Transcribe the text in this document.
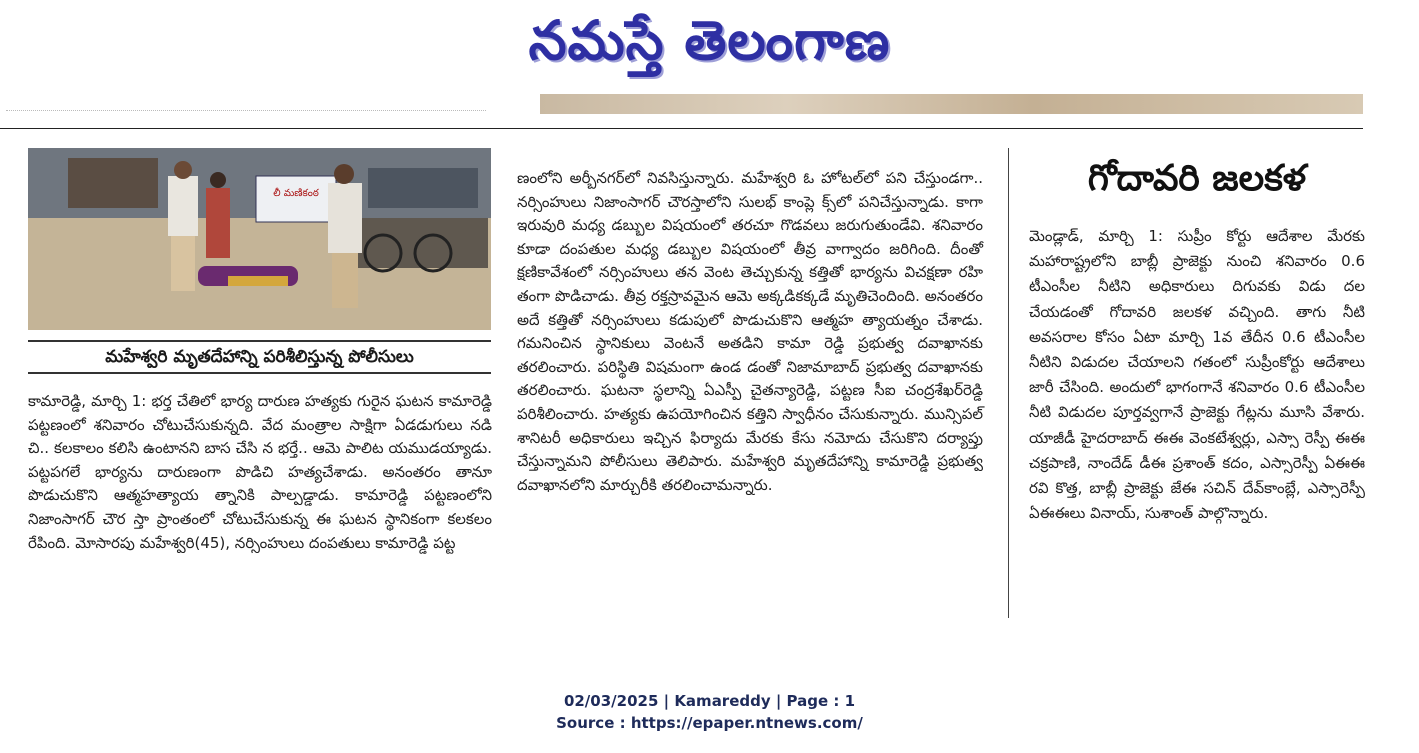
నమస్తే తెలంగాణ
లీ మణికంఠ
మహేశ్వరి మృతదేహాన్ని పరిశీలిస్తున్న పోలీసులు

కామారెడ్డి, మార్చి 1: భర్త చేతిలో భార్య దారుణ హత్యకు గురైన ఘటన కామారెడ్డి పట్టణంలో శనివారం చోటుచేసుకున్నది. వేద మంత్రాల సాక్షిగా ఏడడుగులు నడి చి.. కలకాలం కలిసి ఉంటానని బాస చేసి న భర్తే.. ఆమె పాలిట యముడయ్యాడు. పట్టపగలే భార్యను దారుణంగా పొడిచి హత్యచేశాడు. అనంతరం తానూ పొడుచుకొని ఆత్మహత్యాయ త్నానికి పాల్పడ్డాడు. కామారెడ్డి పట్టణంలోని నిజాంసాగర్ చౌర స్తా ప్రాంతంలో చోటుచేసుకున్న ఈ ఘటన స్థానికంగా కలకలం రేపింది. మోసారపు మహేశ్వరి(45), నర్సింహులు దంపతులు కామారెడ్డి పట్ట

ణంలోని అర్బీనగర్‌లో నివసిస్తున్నారు. మహేశ్వరి ఓ హోటల్‌లో పని చేస్తుండగా.. నర్సింహులు నిజాంసాగర్ చౌరస్తాలోని సులభ్ కాంప్లె క్స్‌లో పనిచేస్తున్నాడు. కాగా ఇరువురి మధ్య డబ్బుల విషయంలో తరచూ గొడవలు జరుగుతుండేవి. శనివారం కూడా దంపతుల మధ్య డబ్బుల విషయంలో తీవ్ర వాగ్వాదం జరిగింది. దీంతో క్షణికావేశంలో నర్సింహులు తన వెంట తెచ్చుకున్న కత్తితో భార్యను విచక్షణా రహి తంగా పొడిచాడు. తీవ్ర రక్తస్రావమైన ఆమె అక్కడికక్కడే మృతిచెందింది. అనంతరం అదే కత్తితో నర్సింహులు కడుపులో పొడుచుకొని ఆత్మహ త్యాయత్నం చేశాడు. గమనించిన స్థానికులు వెంటనే అతడిని కామా రెడ్డి ప్రభుత్వ దవాఖానకు తరలించారు. పరిస్థితి విషమంగా ఉండ డంతో నిజామాబాద్ ప్రభుత్వ దవాఖానకు తరలించారు. ఘటనా స్థలాన్ని ఏఎస్పీ చైతన్యారెడ్డి, పట్టణ సీఐ చంద్రశేఖర్‌రెడ్డి పరిశీలించారు. హత్యకు ఉపయోగించిన కత్తిని స్వాధీనం చేసుకున్నారు. మున్సిపల్ శానిటరీ అధికారులు ఇచ్చిన ఫిర్యాదు మేరకు కేసు నమోదు చేసుకొని దర్యాప్తు చేస్తున్నామని పోలీసులు తెలిపారు. మహేశ్వరి మృతదేహాన్ని కామారెడ్డి ప్రభుత్వ దవాఖానలోని మార్చురీకి తరలించామన్నారు.

గోదావరి జలకళ

మెండ్లాడ్, మార్చి 1: సుప్రీం కోర్టు ఆదేశాల మేరకు మహారాష్ట్రలోని బాబ్లీ ప్రాజెక్టు నుంచి శనివారం 0.6 టీఎంసీల నీటిని అధికారులు దిగువకు విడు దల చేయడంతో గోదావరి జలకళ వచ్చింది. తాగు నీటి అవసరాల కోసం ఏటా మార్చి 1వ తేదీన 0.6 టీఎంసీల నీటిని విడుదల చేయాలని గతంలో సుప్రీంకోర్టు ఆదేశాలు జారీ చేసింది. అందులో భాగంగానే శనివారం 0.6 టీఎంసీల నీటి విడుదల పూర్తవ్వగానే ప్రాజెక్టు గేట్లను మూసి వేశారు. యాజీడీ హైదరాబాద్ ఈఈ వెంకటేశ్వర్లు, ఎస్సా రెస్పీ ఈఈ చక్రపాణి, నాందేడ్ డీఈ ప్రశాంత్ కదం, ఎస్సారెస్పీ ఏఈఈ రవి కొత్త, బాబ్లీ ప్రాజెక్టు జేఈ సచిన్ దేవ్‌కాంబ్లే, ఎస్సారెస్పీ ఏఈఈలు వినాయ్, సుశాంత్ పాల్గొన్నారు.

02/03/2025 | Kamareddy | Page : 1
Source : https://epaper.ntnews.com/
